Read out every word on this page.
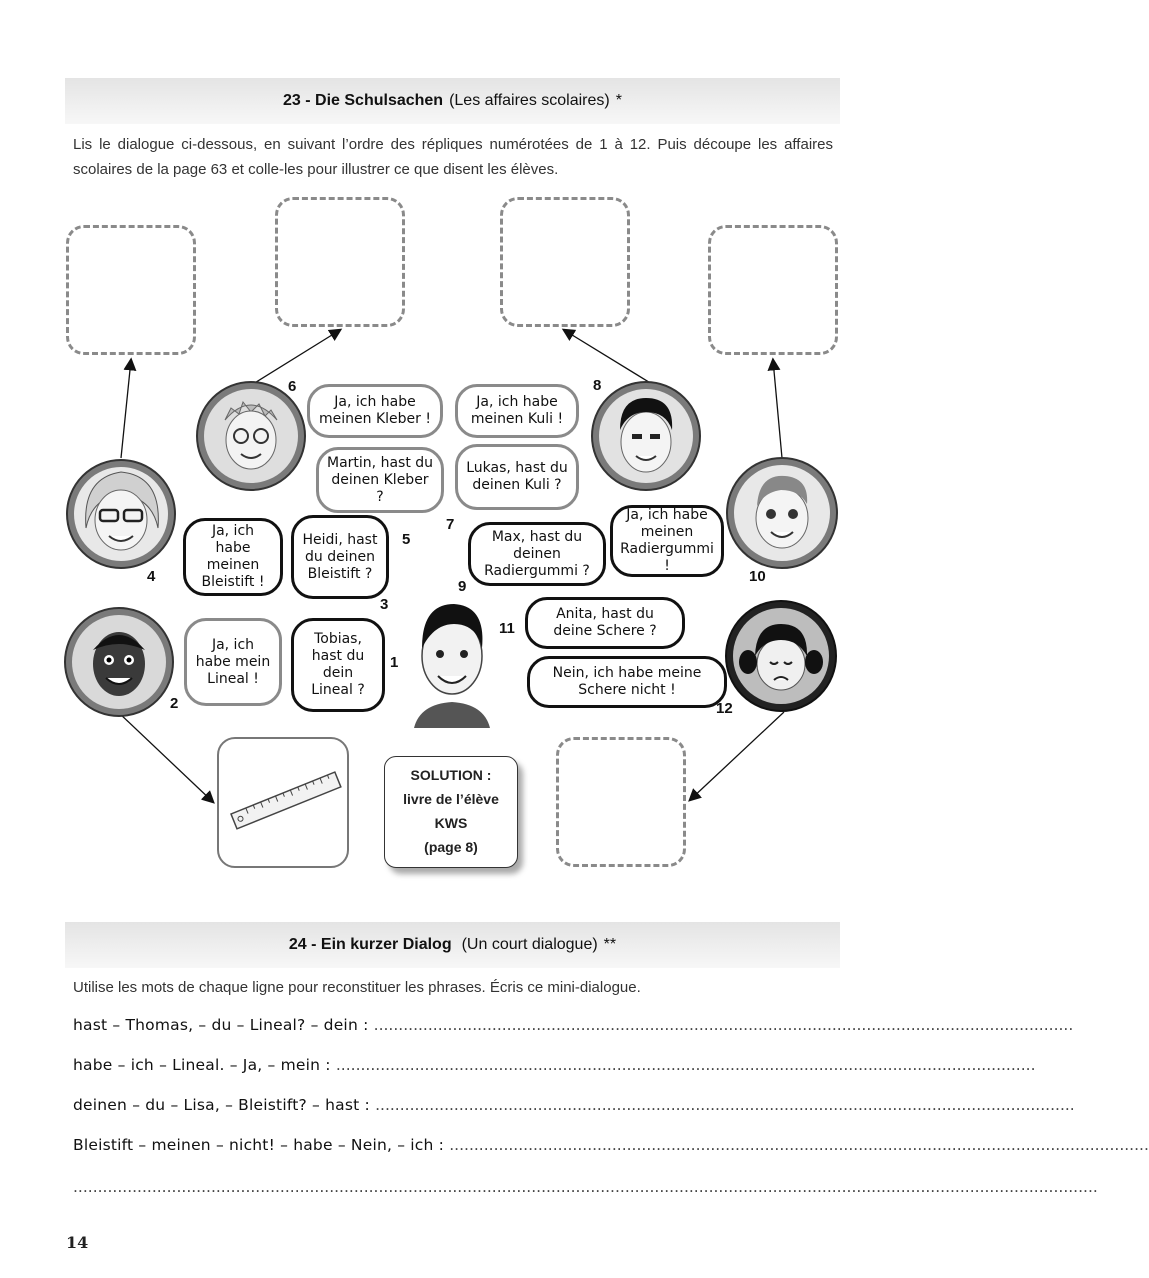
23 - Die Schulsachen (Les affaires scolaires) *
Lis le dialogue ci-dessous, en suivant l’ordre des répliques numérotées de 1 à 12. Puis découpe les affaires scolaires de la page 63 et colle-les pour illustrer ce que disent les élèves.
Tobias, hast du dein Lineal ?
Ja, ich habe mein Lineal !
Heidi, hast du deinen Bleistift ?
Ja, ich habe meinen Bleistift !
Martin, hast du deinen Kleber ?
Ja, ich habe meinen Kleber !
Lukas, hast du deinen Kuli ?
Ja, ich habe meinen Kuli !
Max, hast du deinen Radiergummi ?
Ja, ich habe meinen Radiergummi !
Anita, hast du deine Schere ?
Nein, ich habe meine Schere nicht !
1
2
3
4
5
6
7
8
9
10
11
12
SOLUTION :
livre de l’élève
KWS
(page 8)
24 - Ein kurzer Dialog (Un court dialogue) **
Utilise les mots de chaque ligne pour reconstituer les phrases. Écris ce mini-dialogue.
hast – Thomas, – du – Lineal? – dein : ..............................................................................................................................................
habe – ich – Lineal. – Ja, – mein : ..............................................................................................................................................
deinen – du – Lisa, – Bleistift? – hast : ..............................................................................................................................................
Bleistift – meinen – nicht! – habe – Nein, – ich : ..............................................................................................................................................
................................................................................................................................................................................................................
14
